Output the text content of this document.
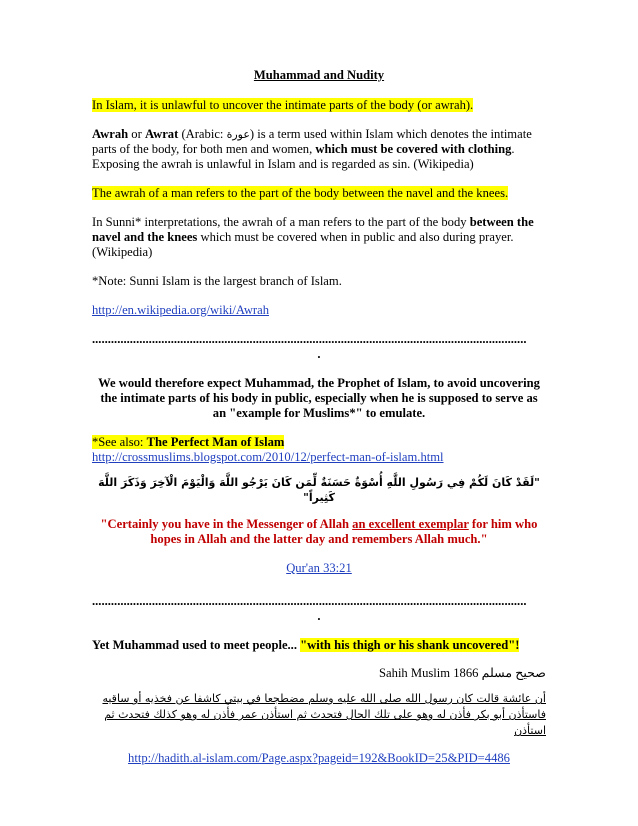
Muhammad and Nudity

In Islam, it is unlawful to uncover the intimate parts of the body (or awrah).

Awrah or Awrat (Arabic: عورة) is a term used within Islam which denotes the intimate parts of the body, for both men and women, which must be covered with clothing. Exposing the awrah is unlawful in Islam and is regarded as sin. (Wikipedia)

The awrah of a man refers to the part of the body between the navel and the knees.

In Sunni* interpretations, the awrah of a man refers to the part of the body between the navel and the knees which must be covered when in public and also during prayer. (Wikipedia)

*Note: Sunni Islam is the largest branch of Islam.

http://en.wikipedia.org/wiki/Awrah

..........................................................................................................................................

.

We would therefore expect Muhammad, the Prophet of Islam, to avoid uncovering the intimate parts of his body in public, especially when he is supposed to serve as an "example for Muslims*" to emulate.

*See also: The Perfect Man of Islam

http://crossmuslims.blogspot.com/2010/12/perfect-man-of-islam.html

"لَقَدْ كَانَ لَكُمْ فِي رَسُولِ اللَّهِ أُسْوَةٌ حَسَنَةٌ لِّمَن كَانَ يَرْجُو اللَّهَ وَالْيَوْمَ الْآخِرَ وَذَكَرَ اللَّهَ كَثِيراً"

"Certainly you have in the Messenger of Allah an excellent exemplar for him who hopes in Allah and the latter day and remembers Allah much."

Qur'an 33:21

..........................................................................................................................................

.

Yet Muhammad used to meet people... "with his thigh or his shank uncovered"!

Sahih Muslim 1866 صحيح مسلم

أن عائشة قالت كان رسول الله صلى الله عليه وسلم مضطجعا في بيتي كاشفا عن فخذيه أو ساقيه فاستأذن أبو بكر فأذن له وهو على تلك الحال فتحدث ثم استأذن عمر فأذن له وهو كذلك فتحدث ثم استأذن

http://hadith.al-islam.com/Page.aspx?pageid=192&BookID=25&PID=4486
